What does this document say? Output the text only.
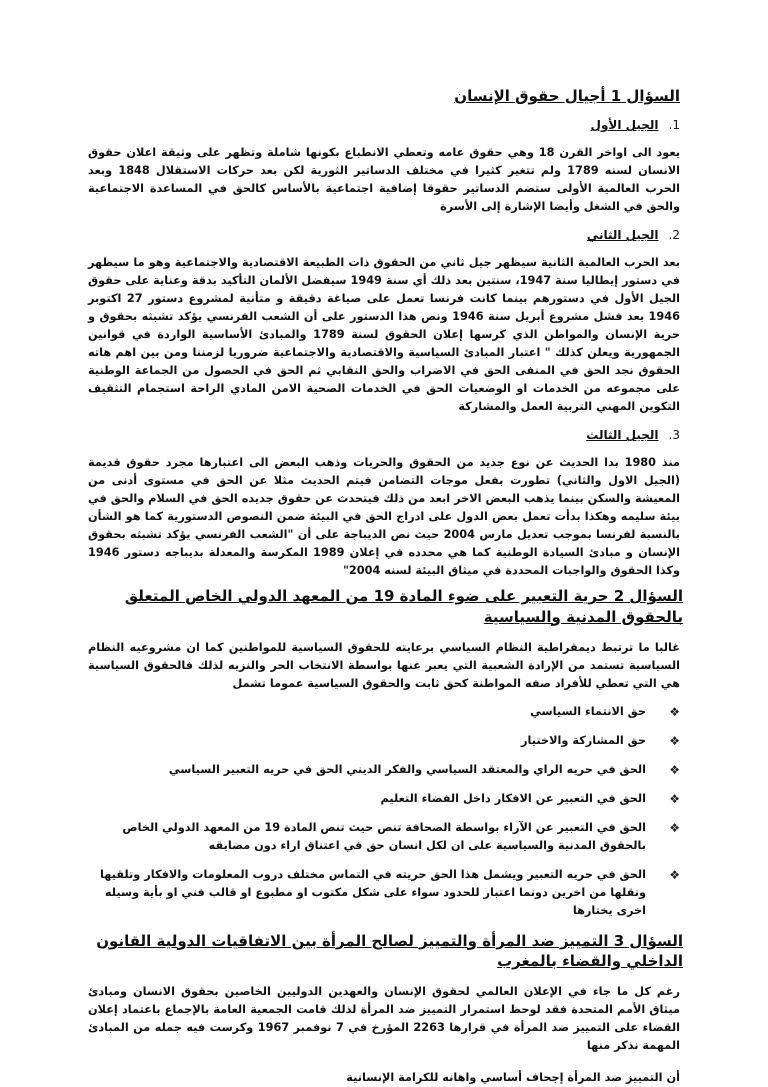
السؤال 1 أجيال حقوق الإنسان
1.
الجيل الأول

يعود الى اواخر القرن 18 وهي حقوق عامه وتعطي الانطباع بكونها شاملة وتظهر على وثيقة اعلان حقوق الانسان لسنه 1789 ولم تتغير كثيرا في مختلف الدساتير الثورية لكن بعد حركات الاستقلال 1848 وبعد الحرب العالمية الأولى ستضم الدساتير حقوقا إضافية اجتماعية بالأساس كالحق في المساعدة الاجتماعية والحق في الشغل وأيضا الإشارة إلى الأسرة

2.
الجيل الثاني

بعد الحرب العالمية الثانية سيظهر جيل ثاني من الحقوق ذات الطبيعة الاقتصادية والاجتماعية وهو ما سيظهر في دستور إيطاليا سنة 1947، سنتين بعد ذلك أي سنة 1949 سيفضل الألمان التأكيد بدقة وعناية على حقوق الجيل الأول في دستورهم بينما كانت فرنسا تعمل على صياغة دقيقة و متأنية لمشروع دستور 27 اكتوبر 1946 بعد فشل مشروع أبريل سنة 1946 ونص هذا الدستور على أن الشعب الفرنسي يؤكد تشبثه بحقوق و حرية الإنسان والمواطن الذي كرسها إعلان الحقوق لسنة 1789 والمبادئ الأساسية الواردة في قوانين الجمهورية ويعلن كذلك " اعتبار المبادئ السياسية والاقتصادية والاجتماعية ضروريا لزمننا ومن بين اهم هاته الحقوق نجد الحق في المنفى الحق في الاضراب والحق النقابي ثم الحق في الحصول من الجماعة الوطنية على مجموعه من الخدمات او الوضعيات الحق في الخدمات الصحية الامن المادي الراحة استجمام التثقيف التكوين المهني التربية العمل والمشاركة

3.
الجيل الثالث

منذ 1980 بدا الحديث عن نوع جديد من الحقوق والحريات وذهب البعض الى اعتبارها مجرد حقوق قديمة (الجيل الاول والثاني) تطورت بفعل موجات التضامن فيتم الحديث مثلا عن الحق في مستوى أدنى من المعيشة والسكن بينما يذهب البعض الاخر ابعد من ذلك فيتحدث عن حقوق جديده الحق في السلام والحق في بيئة سليمه وهكذا بدأت تعمل بعض الدول على ادراج الحق في البيئة ضمن النصوص الدستورية كما هو الشأن بالنسبة لفرنسا بموجب تعديل مارس 2004 حيث نص الديباجة على أن "الشعب الفرنسي يؤكد تشبثه بحقوق الإنسان و مبادئ السيادة الوطنية كما هي محدده في إعلان 1989 المكرسة والمعدلة بديباجه دستور 1946 وكذا الحقوق والواجبات المحددة في ميثاق البيئة لسنه 2004"

السؤال 2 حرية التعبير على ضوء المادة 19 من المعهد الدولي الخاص المتعلق بالحقوق المدنية والسياسية

غالبا ما ترتبط ديمقراطية النظام السياسي برعايته للحقوق السياسية للمواطنين كما ان مشروعيه النظام السياسية تستمد من الإرادة الشعبية التي يعبر عنها بواسطة الانتخاب الحر والنزيه لذلك فالحقوق السياسية هي التي تعطي للأفراد صفه المواطنة كحق ثابت والحقوق السياسية عموما تشمل

❖
حق الانتماء السياسي
❖
حق المشاركة والاختيار
❖
الحق في حريه الراي والمعتقد السياسي والفكر الديني الحق في حريه التعبير السياسي
❖
الحق في التعبير عن الافكار داخل الفضاء التعليم
❖
الحق في التعبير عن الآراء بواسطة الصحافة تنص حيث تنص المادة 19 من المعهد الدولي الخاص بالحقوق المدنية والسياسية على ان لكل انسان حق في اعتناق اراء دون مضايقه
❖
الحق في حريه التعبير ويشمل هذا الحق حريته في التماس مختلف دروب المعلومات والافكار وتلقيها ونقلها من اخرين دونما اعتبار للحدود سواء على شكل مكتوب او مطبوع او قالب فني او بأية وسيله اخرى يختارها
السؤال 3 التمييز ضد المرأة والتمييز لصالح المرأة بين الاتفاقيات الدولية القانون الداخلي والقضاء بالمغرب

رغم كل ما جاء في الإعلان العالمي لحقوق الإنسان والعهدين الدوليين الخاصين بحقوق الانسان ومبادئ ميثاق الأمم المتحدة فقد لوحظ استمرار التمييز ضد المرأة لذلك قامت الجمعية العامة بالإجماع باعتماد إعلان القضاء على التمييز ضد المرأة في قرارها 2263 المؤرخ في 7 نوفمبر 1967 وكرست فيه جمله من المبادئ المهمة نذكر منها

أن التمييز ضد المرأة إجحاف أساسي واهانه للكرامة الإنسانية
